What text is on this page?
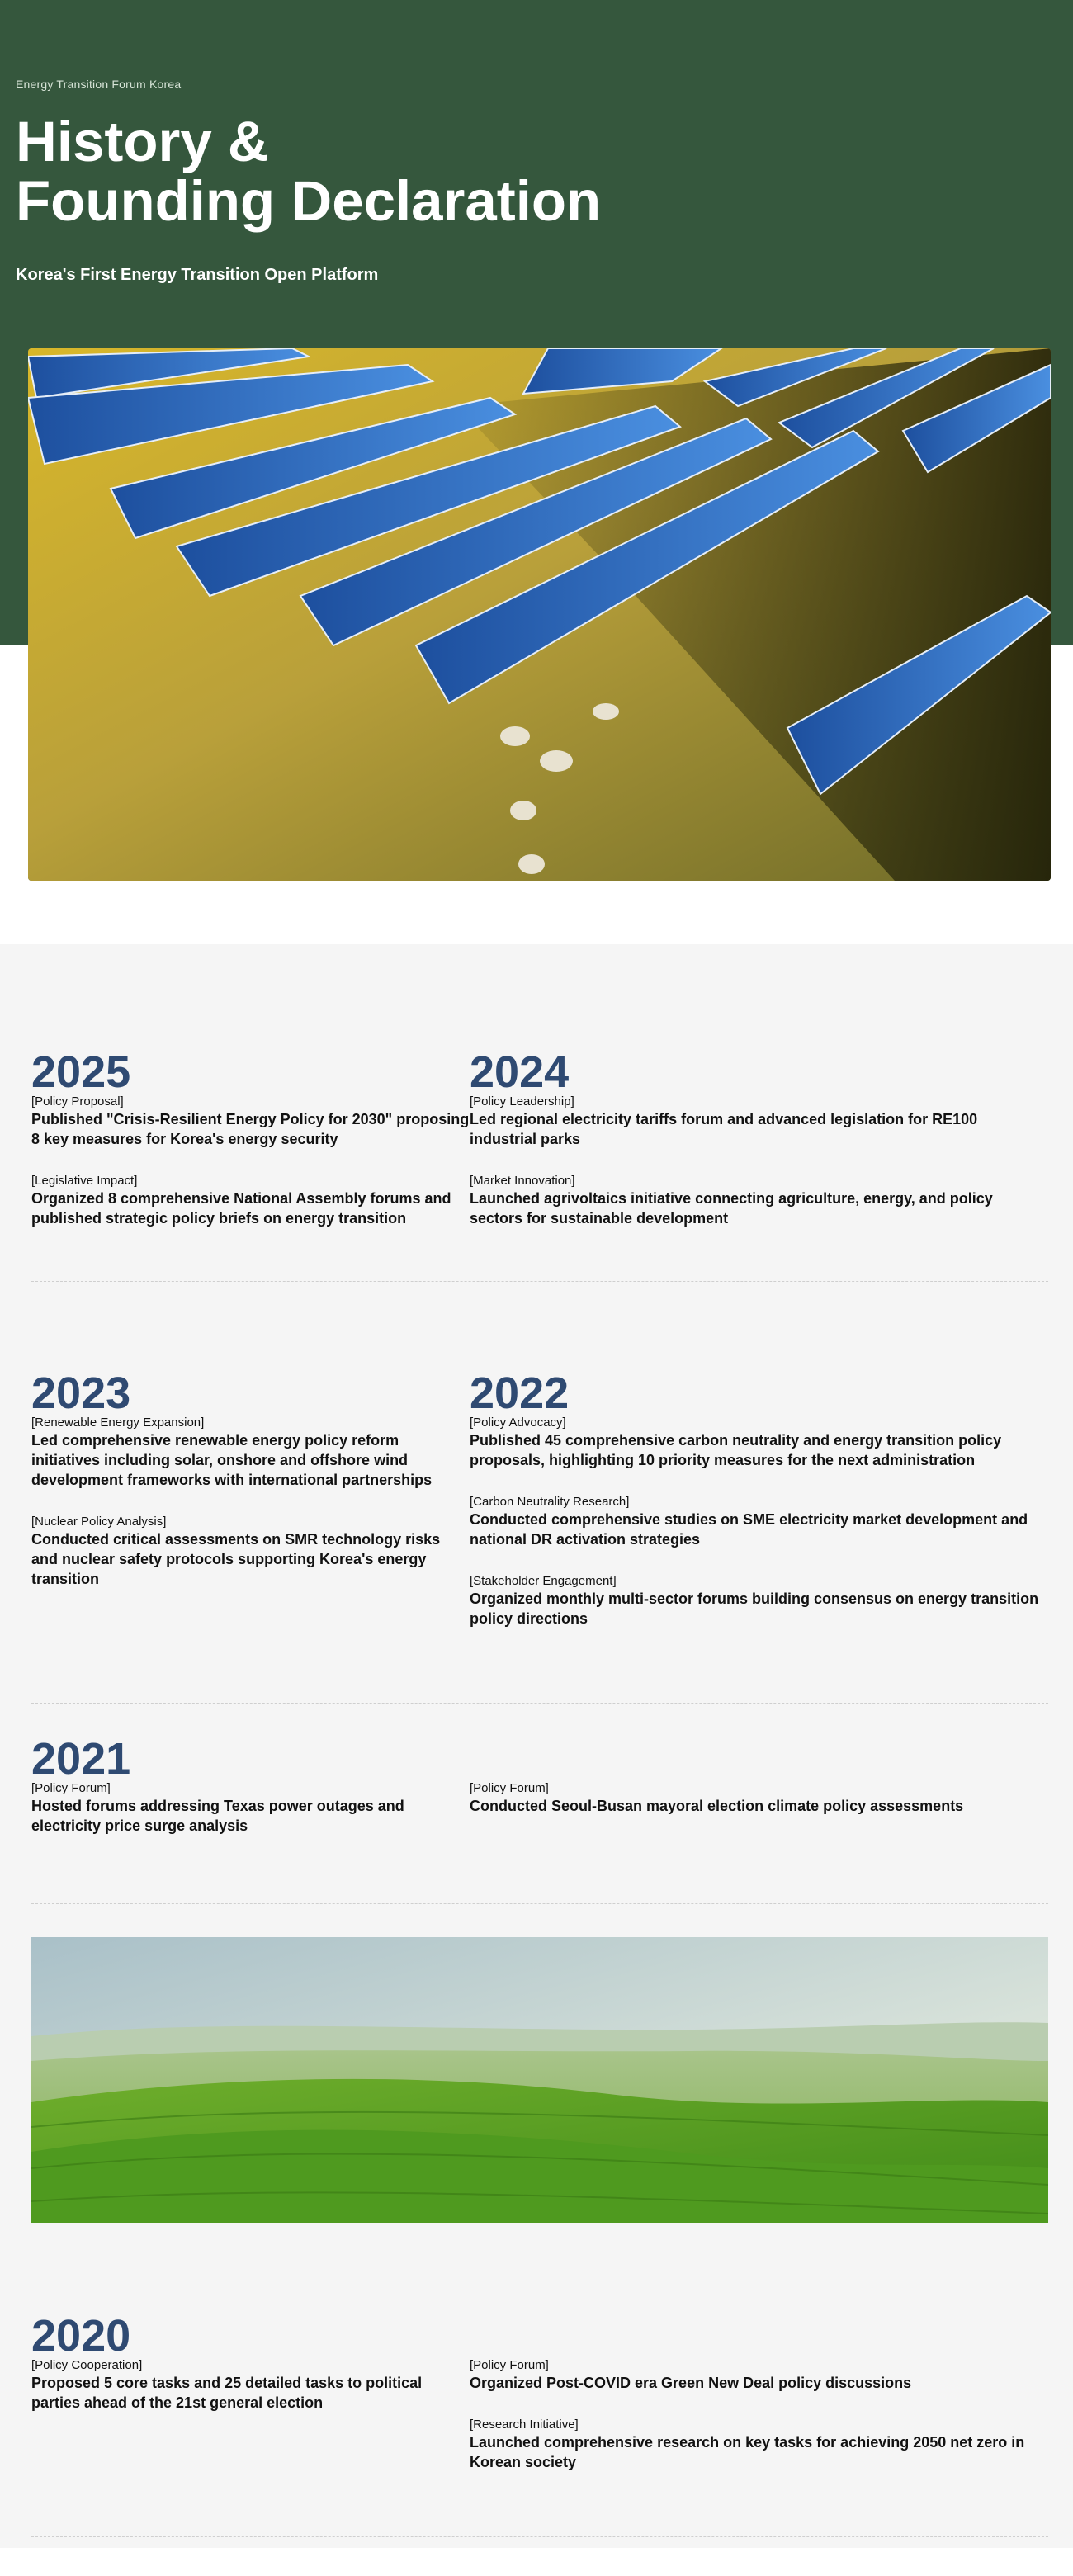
Energy Transition Forum Korea
History &
Founding Declaration
Korea's First Energy Transition Open Platform
2025
[Policy Proposal]
Published "Crisis-Resilient Energy Policy for 2030" proposing 8 key measures for Korea's energy security
[Legislative Impact]
Organized 8 comprehensive National Assembly forums and published strategic policy briefs on energy transition
2024
[Policy Leadership]
Led regional electricity tariffs forum and advanced legislation for RE100 industrial parks
[Market Innovation]
Launched agrivoltaics initiative connecting agriculture, energy, and policy sectors for sustainable development
2023
[Renewable Energy Expansion]
Led comprehensive renewable energy policy reform initiatives including solar, onshore and offshore wind development frameworks with international partnerships
[Nuclear Policy Analysis]
Conducted critical assessments on SMR technology risks and nuclear safety protocols supporting Korea's energy transition
2022
[Policy Advocacy]
Published 45 comprehensive carbon neutrality and energy transition policy proposals, highlighting 10 priority measures for the next administration
[Carbon Neutrality Research]
Conducted comprehensive studies on SME electricity market development and national DR activation strategies
[Stakeholder Engagement]
Organized monthly multi-sector forums building consensus on energy transition policy directions
2021
[Policy Forum]
Hosted forums addressing Texas power outages and electricity price surge analysis
[Policy Forum]
Conducted Seoul-Busan mayoral election climate policy assessments
2020
[Policy Cooperation]
Proposed 5 core tasks and 25 detailed tasks to political parties ahead of the 21st general election
[Policy Forum]
Organized Post-COVID era Green New Deal policy discussions
[Research Initiative]
Launched comprehensive research on key tasks for achieving 2050 net zero in Korean society
